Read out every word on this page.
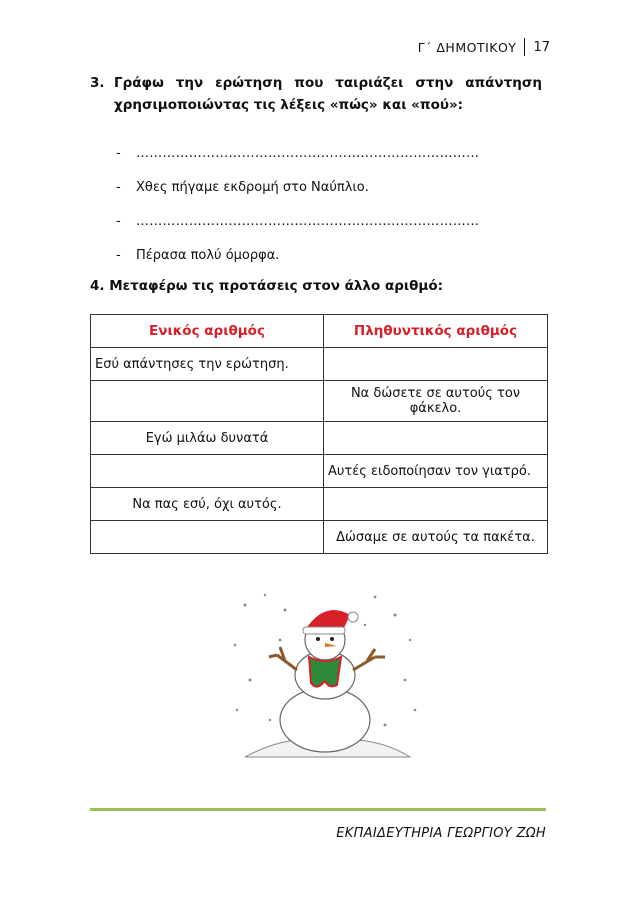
Γ΄ ΔΗΜΟΤΙΚΟΥ	17
3. Γράφω την ερώτηση που ταιριάζει στην απάντηση
χρησιμοποιώντας τις λέξεις «πώς» και «πού»:
-	……………………………………………………………………
-	Χθες πήγαμε εκδρομή στο Ναύπλιο.
-	……………………………………………………………………
-	Πέρασα πολύ όμορφα.
4. Μεταφέρω τις προτάσεις στον άλλο αριθμό:
Ενικός αριθμός	Πληθυντικός αριθμός
Εσύ απάντησες την ερώτηση.	
	Να δώσετε σε αυτούς τον φάκελο.
Εγώ μιλάω δυνατά	
	Αυτές ειδοποίησαν τον γιατρό.
Να πας εσύ, όχι αυτός.	
	Δώσαμε σε αυτούς τα πακέτα.
ΕΚΠΑΙΔΕΥΤΗΡΙΑ ΓΕΩΡΓΙΟΥ ΖΩΗ
